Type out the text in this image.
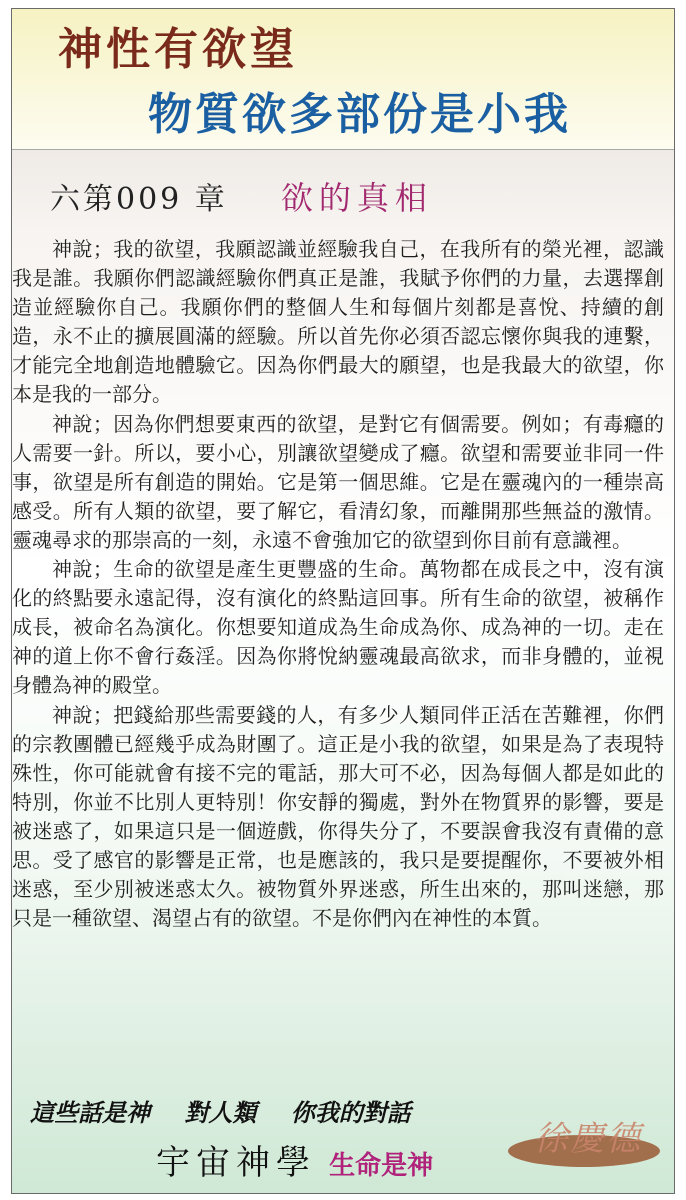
神性有欲望
物質欲多部份是小我
六第009 章 欲的真相

神說；我的欲望，我願認識並經驗我自己，在我所有的榮光裡，認識我是誰。我願你們認識經驗你們真正是誰，我賦予你們的力量，去選擇創造並經驗你自己。我願你們的整個人生和每個片刻都是喜悅、持續的創造，永不止的擴展圓滿的經驗。所以首先你必須否認忘懷你與我的連繫，才能完全地創造地體驗它。因為你們最大的願望，也是我最大的欲望，你本是我的一部分。

神說；因為你們想要東西的欲望，是對它有個需要。例如；有毒癮的人需要一針。所以，要小心，別讓欲望變成了癮。欲望和需要並非同一件事，欲望是所有創造的開始。它是第一個思維。它是在靈魂內的一種崇高感受。所有人類的欲望，要了解它，看清幻象，而離開那些無益的激情。靈魂尋求的那崇高的一刻，永遠不會強加它的欲望到你目前有意識裡。

神說；生命的欲望是產生更豐盛的生命。萬物都在成長之中，沒有演化的終點要永遠記得，沒有演化的終點這回事。所有生命的欲望，被稱作成長，被命名為演化。你想要知道成為生命成為你、成為神的一切。走在神的道上你不會行姦淫。因為你將悅納靈魂最高欲求，而非身體的，並視身體為神的殿堂。

神說；把錢給那些需要錢的人，有多少人類同伴正活在苦難裡，你們的宗教團體已經幾乎成為財團了。這正是小我的欲望，如果是為了表現特殊性，你可能就會有接不完的電話，那大可不必，因為每個人都是如此的特別，你並不比別人更特別！你安靜的獨處，對外在物質界的影響，要是被迷惑了，如果這只是一個遊戲，你得失分了，不要誤會我沒有責備的意思。受了感官的影響是正常，也是應該的，我只是要提醒你，不要被外相迷惑，至少別被迷惑太久。被物質外界迷惑，所生出來的，那叫迷戀，那只是一種欲望、渴望占有的欲望。不是你們內在神性的本質。

這些話是神 對人類 你我的對話
宇宙神學 生命是神
徐慶德
